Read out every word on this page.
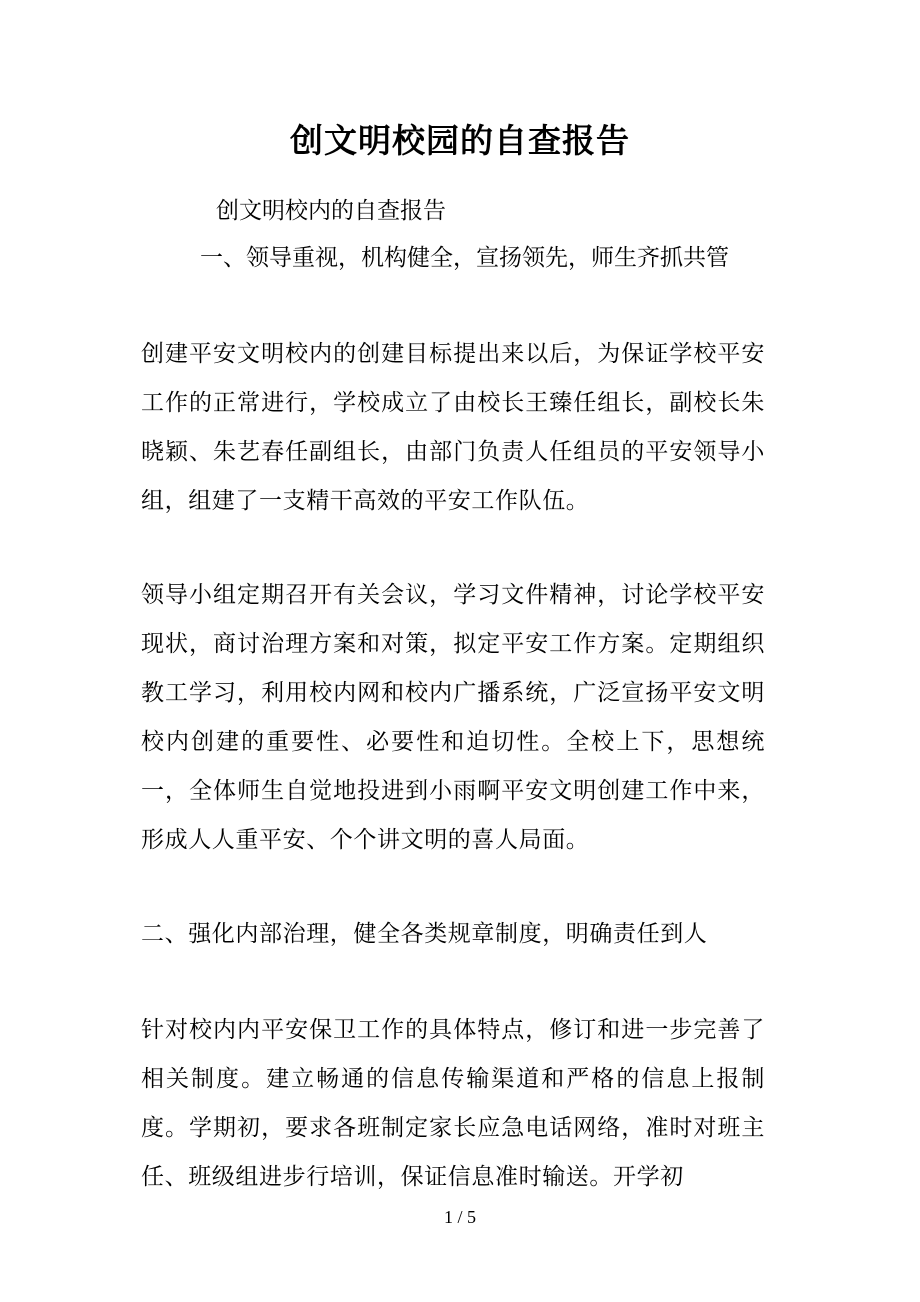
创文明校园的自查报告

创文明校内的自查报告

一、领导重视，机构健全，宣扬领先，师生齐抓共管

创建平安文明校内的创建目标提出来以后，为保证学校平安工作的正常进行，学校成立了由校长王臻任组长，副校长朱晓颖、朱艺春任副组长，由部门负责人任组员的平安领导小组，组建了一支精干高效的平安工作队伍。

领导小组定期召开有关会议，学习文件精神，讨论学校平安现状，商讨治理方案和对策，拟定平安工作方案。定期组织教工学习，利用校内网和校内广播系统，广泛宣扬平安文明校内创建的重要性、必要性和迫切性。全校上下，思想统一，全体师生自觉地投进到小雨啊平安文明创建工作中来，形成人人重平安、个个讲文明的喜人局面。

二、强化内部治理，健全各类规章制度，明确责任到人

针对校内内平安保卫工作的具体特点，修订和进一步完善了相关制度。建立畅通的信息传输渠道和严格的信息上报制度。学期初，要求各班制定家长应急电话网络，准时对班主任、班级组进步行培训，保证信息准时输送。开学初

1 / 5
